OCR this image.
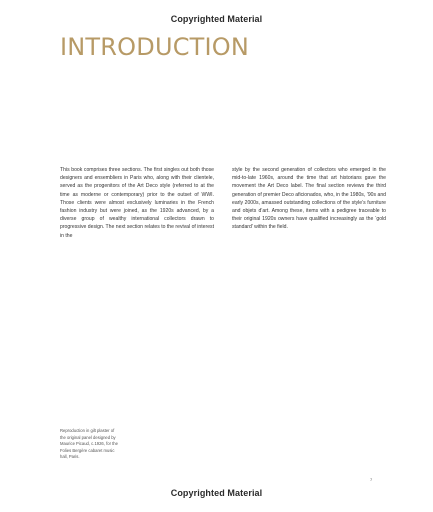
Copyrighted Material
INTRODUCTION

This book comprises three sections. The first singles out both those designers and ensembliers in Paris who, along with their clientele, served as the progenitors of the Art Deco style (referred to at the time as moderne or contemporary) prior to the outset of WWI. Those clients were almost exclusively luminaries in the French fashion industry but were joined, as the 1920s advanced, by a diverse group of wealthy international collectors drawn to progressive design. The next section relates to the revival of interest in the

style by the second generation of collectors who emerged in the mid-to-late 1960s, around the time that art historians gave the movement the Art Deco label. The final section reviews the third generation of premier Deco aficionados, who, in the 1980s, ’90s and early 2000s, amassed outstanding collections of the style’s furniture and objets d’art. Among these, items with a pedigree traceable to their original 1920s owners have qualified increasingly as the ‘gold standard’ within the field.

Reproduction in gilt plaster of the original panel designed by Maurice Picaud, c.1926, for the Folies Bergère cabaret music hall, Paris.

7
Copyrighted Material
